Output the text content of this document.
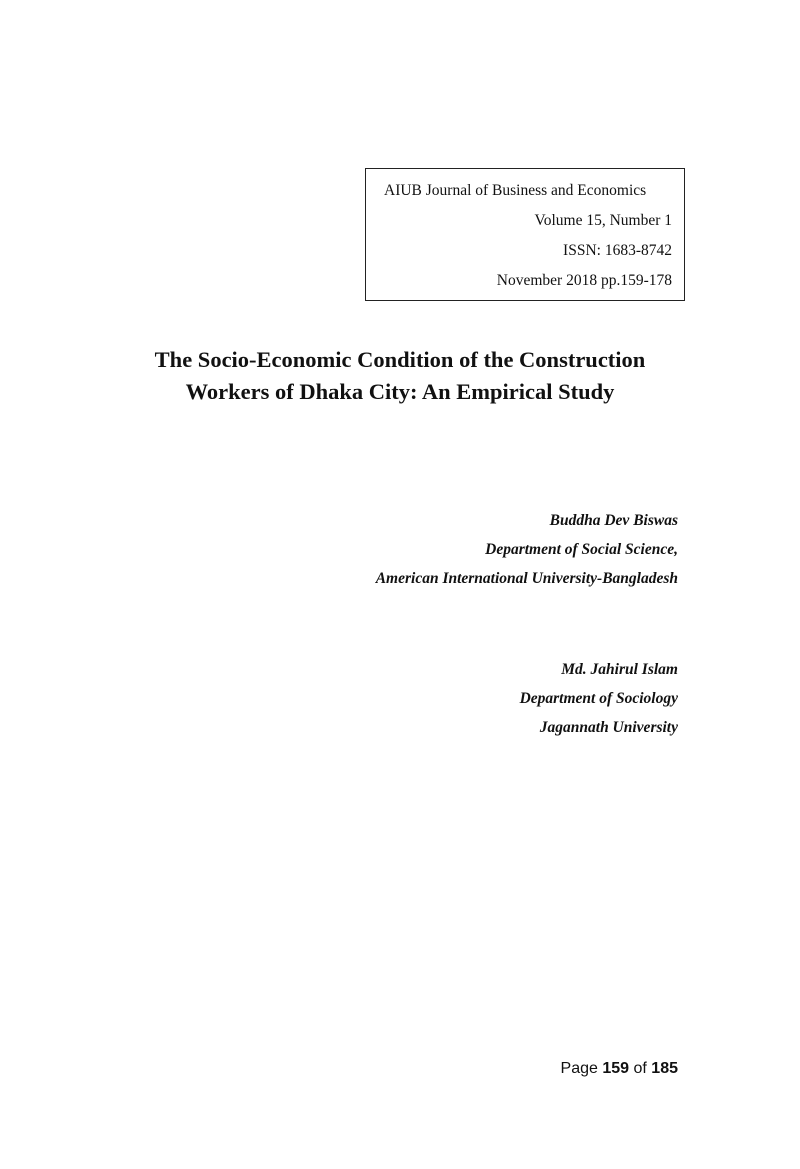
AIUB Journal of Business and Economics
Volume 15, Number 1
ISSN: 1683-8742
November 2018 pp.159-178
The Socio-Economic Condition of the Construction
Workers of Dhaka City: An Empirical Study
Buddha Dev Biswas
Department of Social Science,
American International University-Bangladesh
Md. Jahirul Islam
Department of Sociology
Jagannath University
Page 159 of 185
